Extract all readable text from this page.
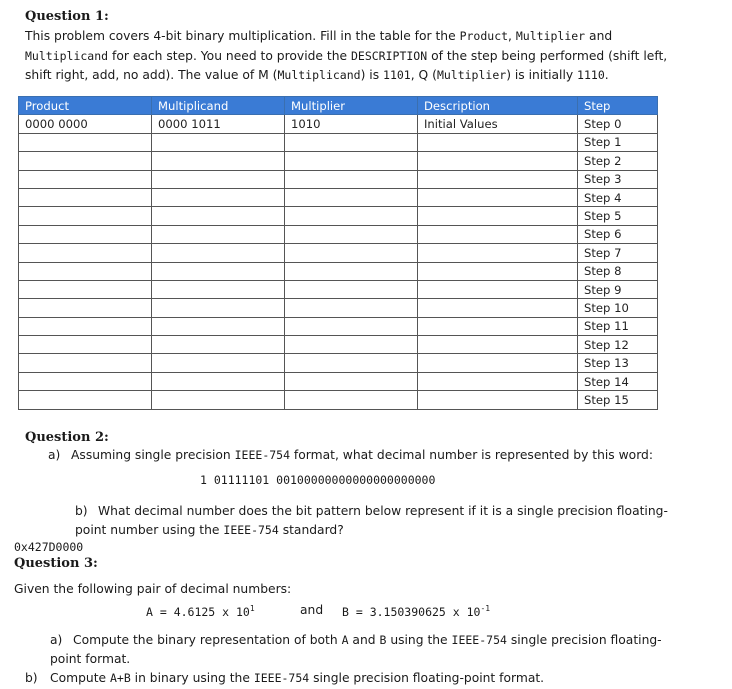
Question 1:
This problem covers 4-bit binary multiplication. Fill in the table for the Product, Multiplier and Multiplicand for each step. You need to provide the DESCRIPTION of the step being performed (shift left, shift right, add, no add). The value of M (Multiplicand) is 1101, Q (Multiplier) is initially 1110.
Product	Multiplicand	Multiplier	Description	Step
0000 0000	0000 1011	1010	Initial Values	Step 0
				Step 1
				Step 2
				Step 3
				Step 4
				Step 5
				Step 6
				Step 7
				Step 8
				Step 9
				Step 10
				Step 11
				Step 12
				Step 13
				Step 14
				Step 15
Question 2:
a) Assuming single precision IEEE-754 format, what decimal number is represented by this word:
1 01111101 00100000000000000000000
b) What decimal number does the bit pattern below represent if it is a single precision floating-
point number using the IEEE-754 standard?
0x427D0000
Question 3:
Given the following pair of decimal numbers:
A = 4.6125 x $10^1$	and B = 3.150390625 x $10^{-1}$
a) Compute the binary representation of both A and B using the IEEE-754 single precision floating-
point format.
b) Compute A+B in binary using the IEEE-754 single precision floating-point format.
